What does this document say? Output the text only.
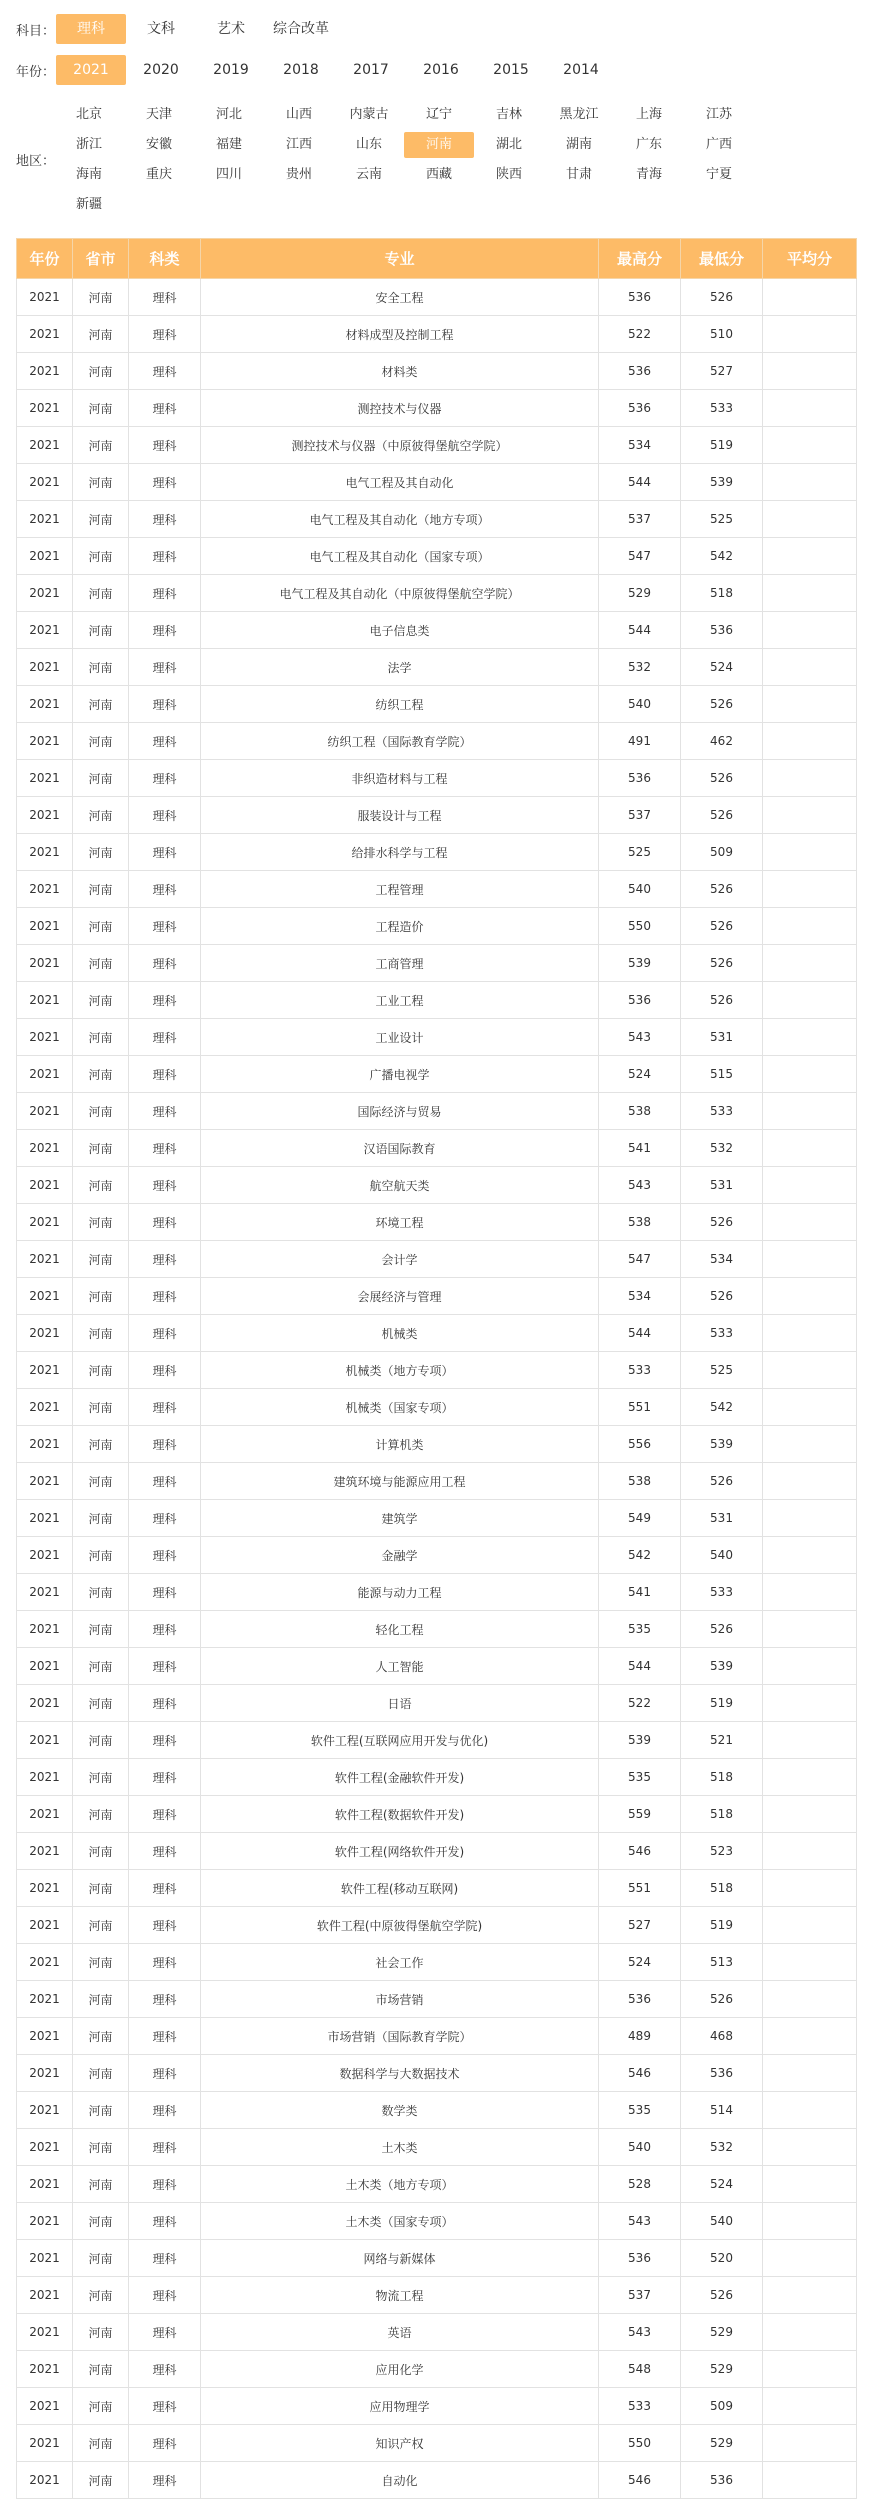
科目：	理科	文科	艺术	综合改革
年份：	2021	2020	2019	2018	2017	2016	2015	2014
地区：
北京	天津	河北	山西	内蒙古	辽宁	吉林	黑龙江	上海	江苏
浙江	安徽	福建	江西	山东	河南	湖北	湖南	广东	广西
海南	重庆	四川	贵州	云南	西藏	陕西	甘肃	青海	宁夏
新疆
年份	省市	科类	专业	最高分	最低分	平均分
2021	河南	理科	安全工程	536	526	
2021	河南	理科	材料成型及控制工程	522	510	
2021	河南	理科	材料类	536	527	
2021	河南	理科	测控技术与仪器	536	533	
2021	河南	理科	测控技术与仪器（中原彼得堡航空学院）	534	519	
2021	河南	理科	电气工程及其自动化	544	539	
2021	河南	理科	电气工程及其自动化（地方专项）	537	525	
2021	河南	理科	电气工程及其自动化（国家专项）	547	542	
2021	河南	理科	电气工程及其自动化（中原彼得堡航空学院）	529	518	
2021	河南	理科	电子信息类	544	536	
2021	河南	理科	法学	532	524	
2021	河南	理科	纺织工程	540	526	
2021	河南	理科	纺织工程（国际教育学院）	491	462	
2021	河南	理科	非织造材料与工程	536	526	
2021	河南	理科	服装设计与工程	537	526	
2021	河南	理科	给排水科学与工程	525	509	
2021	河南	理科	工程管理	540	526	
2021	河南	理科	工程造价	550	526	
2021	河南	理科	工商管理	539	526	
2021	河南	理科	工业工程	536	526	
2021	河南	理科	工业设计	543	531	
2021	河南	理科	广播电视学	524	515	
2021	河南	理科	国际经济与贸易	538	533	
2021	河南	理科	汉语国际教育	541	532	
2021	河南	理科	航空航天类	543	531	
2021	河南	理科	环境工程	538	526	
2021	河南	理科	会计学	547	534	
2021	河南	理科	会展经济与管理	534	526	
2021	河南	理科	机械类	544	533	
2021	河南	理科	机械类（地方专项）	533	525	
2021	河南	理科	机械类（国家专项）	551	542	
2021	河南	理科	计算机类	556	539	
2021	河南	理科	建筑环境与能源应用工程	538	526	
2021	河南	理科	建筑学	549	531	
2021	河南	理科	金融学	542	540	
2021	河南	理科	能源与动力工程	541	533	
2021	河南	理科	轻化工程	535	526	
2021	河南	理科	人工智能	544	539	
2021	河南	理科	日语	522	519	
2021	河南	理科	软件工程(互联网应用开发与优化)	539	521	
2021	河南	理科	软件工程(金融软件开发)	535	518	
2021	河南	理科	软件工程(数据软件开发)	559	518	
2021	河南	理科	软件工程(网络软件开发)	546	523	
2021	河南	理科	软件工程(移动互联网)	551	518	
2021	河南	理科	软件工程(中原彼得堡航空学院)	527	519	
2021	河南	理科	社会工作	524	513	
2021	河南	理科	市场营销	536	526	
2021	河南	理科	市场营销（国际教育学院）	489	468	
2021	河南	理科	数据科学与大数据技术	546	536	
2021	河南	理科	数学类	535	514	
2021	河南	理科	土木类	540	532	
2021	河南	理科	土木类（地方专项）	528	524	
2021	河南	理科	土木类（国家专项）	543	540	
2021	河南	理科	网络与新媒体	536	520	
2021	河南	理科	物流工程	537	526	
2021	河南	理科	英语	543	529	
2021	河南	理科	应用化学	548	529	
2021	河南	理科	应用物理学	533	509	
2021	河南	理科	知识产权	550	529	
2021	河南	理科	自动化	546	536	
